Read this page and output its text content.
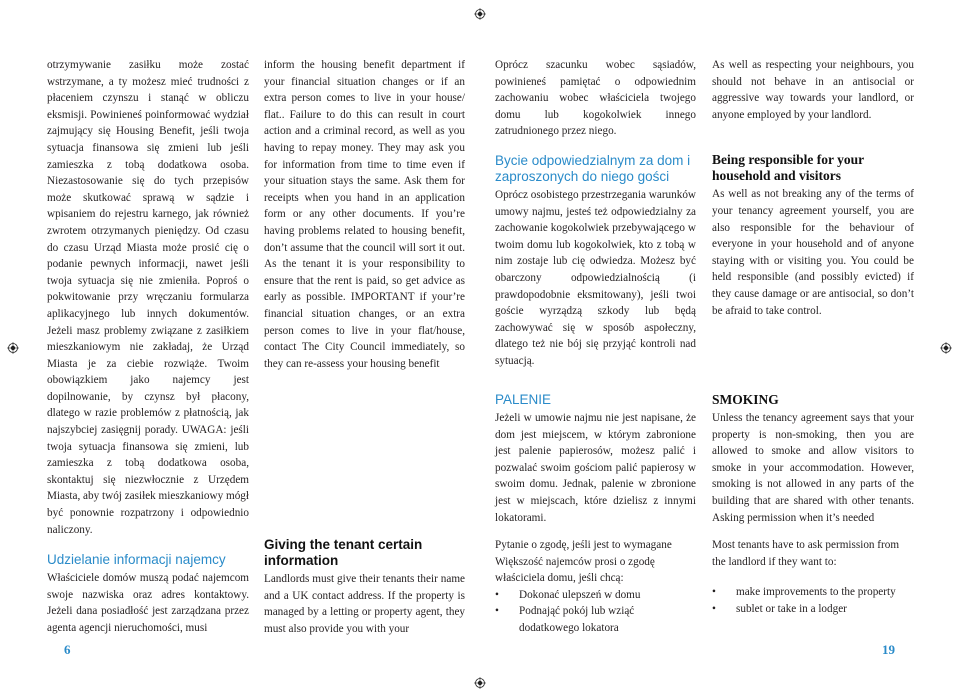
otrzymywanie zasiłku może zostać wstrzymane, a ty możesz mieć trudności z płaceniem czynszu i stanąć w obliczu eksmisji. Powinieneś poinformować wydział zajmujący się Housing Benefit, jeśli twoja sytuacja finansowa się zmieni lub jeśli zamieszka z tobą dodatkowa osoba. Niezastosowanie się do tych przepisów może skutkować sprawą w sądzie i wpisaniem do rejestru karnego, jak również zwrotem otrzymanych pieniędzy. Od czasu do czasu Urząd Miasta może prosić cię o podanie pewnych informacji, nawet jeśli twoja sytuacja się nie zmieniła. Poproś o pokwitowanie przy wręczaniu formularza aplikacyjnego lub innych dokumentów. Jeżeli masz problemy związane z zasiłkiem mieszkaniowym nie zakładaj, że Urząd Miasta je za ciebie rozwiąże. Twoim obowiązkiem jako najemcy jest dopilnowanie, by czynsz był płacony, dlatego w razie problemów z płatnością, jak najszybciej zasięgnij porady. UWAGA: jeśli twoja sytuacja finansowa się zmieni, lub zamieszka z tobą dodatkowa osoba, skontaktuj się niezwłocznie z Urzędem Miasta, aby twój zasiłek mieszkaniowy mógł być ponownie rozpatrzony i odpowiednio naliczony.

Udzielanie informacji najemcy

Właściciele domów muszą podać najemcom swoje nazwiska oraz adres kontaktowy. Jeżeli dana posiadłość jest zarządzana przez agenta agencji nieruchomości, musi

inform the housing benefit department if your financial situation changes or if an extra person comes to live in your house/ flat.. Failure to do this can result in court action and a criminal record, as well as you having to repay money. They may ask you for information from time to time even if your situation stays the same. Ask them for receipts when you hand in an application form or any other documents. If you’re having problems related to housing benefit, don’t assume that the council will sort it out. As the tenant it is your responsibility to ensure that the rent is paid, so get advice as early as possible. IMPORTANT if your’re financial situation changes, or an extra person comes to live in your flat/house, contact The City Council immediately, so they can re-assess your housing benefit

Giving the tenant certain information

Landlords must give their tenants their name and a UK contact address. If the property is managed by a letting or property agent, they must also provide you with your

6

Oprócz szacunku wobec sąsiadów, powinieneś pamiętać o odpowiednim zachowaniu wobec właściciela twojego domu lub kogokolwiek innego zatrudnionego przez niego.

Bycie odpowiedzialnym za dom i zaproszonych do niego gości

Oprócz osobistego przestrzegania warunków umowy najmu, jesteś też odpowiedzialny za zachowanie kogokolwiek przebywającego w twoim domu lub kogokolwiek, kto z tobą w nim zostaje lub cię odwiedza. Możesz być obarczony odpowiedzialnością (i prawdopodobnie eksmitowany), jeśli twoi goście wyrządzą szkody lub będą zachowywać się w sposób aspołeczny, dlatego też nie bój się przyjąć kontroli nad sytuacją.

PALENIE

Jeżeli w umowie najmu nie jest napisane, że dom jest miejscem, w którym zabronione jest palenie papierosów, możesz palić i pozwalać swoim gościom palić papierosy w swoim domu. Jednak, palenie w zbronione jest w miejscach, które dzielisz z innymi lokatorami.

Pytanie o zgodę, jeśli jest to wymagane Większość najemców prosi o zgodę właściciela domu, jeśli chcą:

• Dokonać ulepszeń w domu
• Podnająć pokój lub wziąć dodatkowego lokatora

As well as respecting your neighbours, you should not behave in an antisocial or aggressive way towards your landlord, or anyone employed by your landlord.

Being responsible for your household and visitors

As well as not breaking any of the terms of your tenancy agreement yourself, you are also responsible for the behaviour of everyone in your household and of anyone staying with or visiting you. You could be held responsible (and possibly evicted) if they cause damage or are antisocial, so don’t be afraid to take control.

SMOKING

Unless the tenancy agreement says that your property is non-smoking, then you are allowed to smoke and allow visitors to smoke in your accommodation. However, smoking is not allowed in any parts of the building that are shared with other tenants. Asking permission when it’s needed

Most tenants have to ask permission from the landlord if they want to:

• make improvements to the property
• sublet or take in a lodger
19
